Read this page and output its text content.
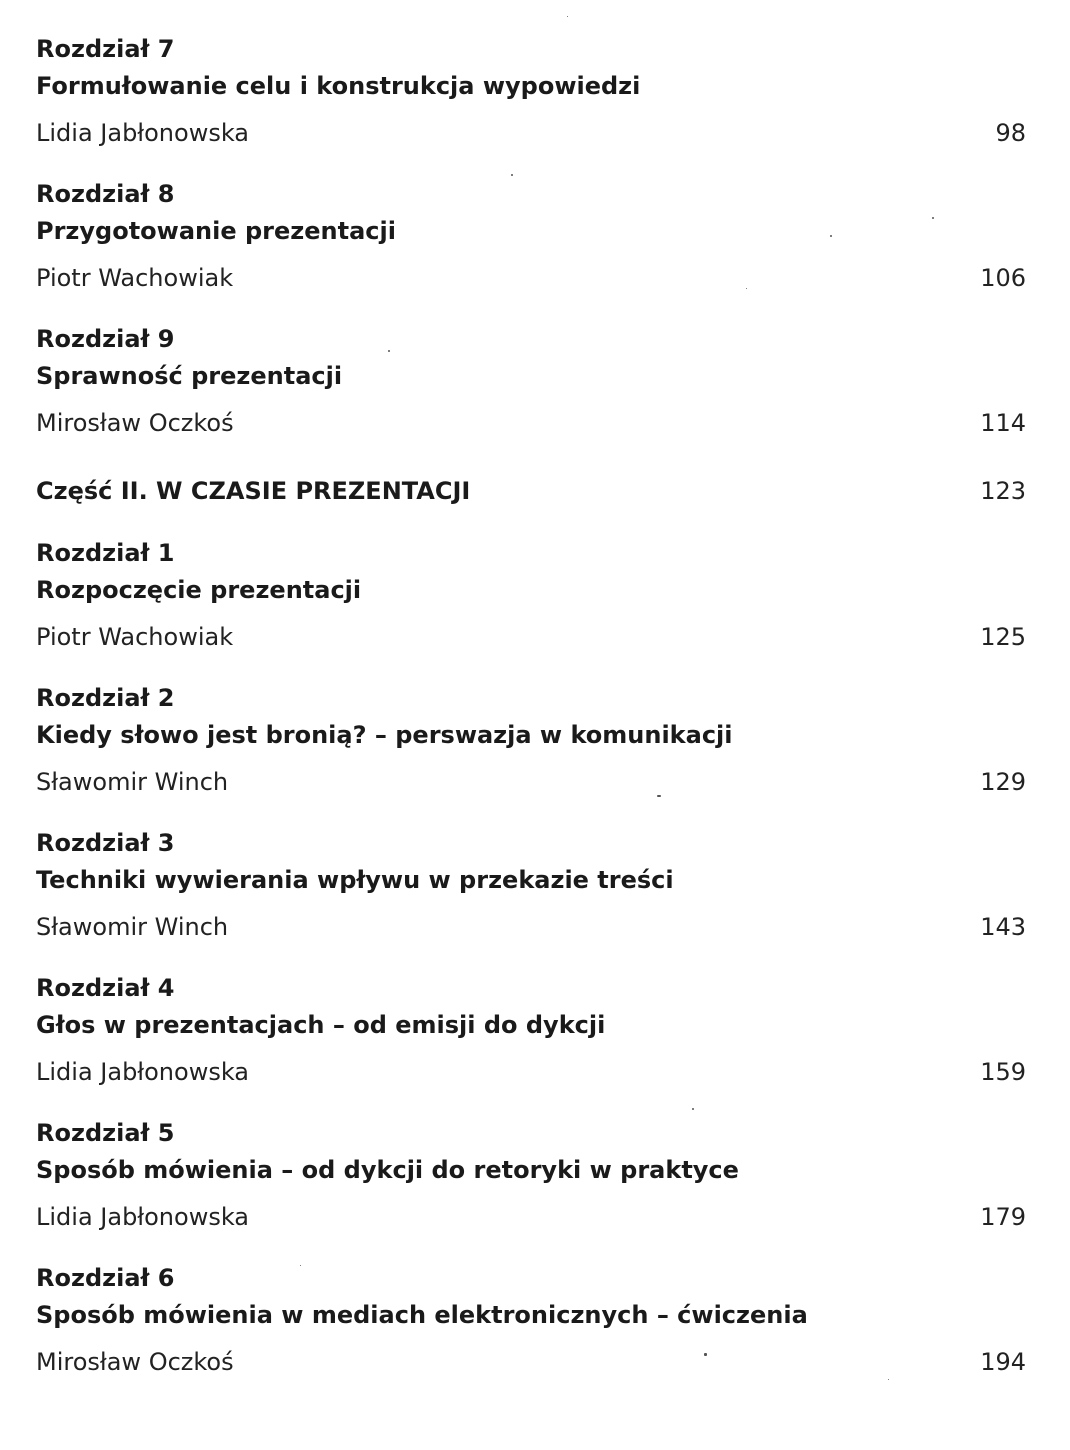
Rozdział 7
Formułowanie celu i konstrukcja wypowiedzi
Lidia Jabłonowska	98
Rozdział 8
Przygotowanie prezentacji
Piotr Wachowiak	106
Rozdział 9
Sprawność prezentacji
Mirosław Oczkoś	114
Część II. W CZASIE PREZENTACJI	123
Rozdział 1
Rozpoczęcie prezentacji
Piotr Wachowiak	125
Rozdział 2
Kiedy słowo jest bronią? – perswazja w komunikacji
Sławomir Winch	129
Rozdział 3
Techniki wywierania wpływu w przekazie treści
Sławomir Winch	143
Rozdział 4
Głos w prezentacjach – od emisji do dykcji
Lidia Jabłonowska	159
Rozdział 5
Sposób mówienia – od dykcji do retoryki w praktyce
Lidia Jabłonowska	179
Rozdział 6
Sposób mówienia w mediach elektronicznych – ćwiczenia
Mirosław Oczkoś	194
